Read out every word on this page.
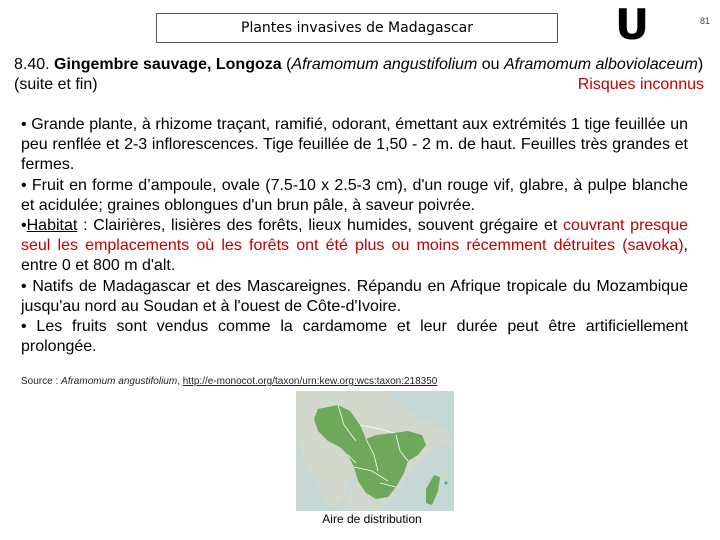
Plantes invasives de Madagascar	U	81
8.40. Gingembre sauvage, Longoza (Aframomum angustifolium ou Aframomum alboviolaceum) (suite et fin)	Risques inconnus

• Grande plante, à rhizome traçant, ramifié, odorant, émettant aux extrémités 1 tige feuillée un peu renflée et 2-3 inflorescences. Tige feuillée de 1,50 - 2 m. de haut. Feuilles très grandes et fermes.

• Fruit en forme d’ampoule, ovale (7.5-10 x 2.5-3 cm), d'un rouge vif, glabre, à pulpe blanche et acidulée; graines oblongues d'un brun pâle, à saveur poivrée.

•Habitat : Clairières, lisières des forêts, lieux humides, souvent grégaire et couvrant presque seul les emplacements où les forêts ont été plus ou moins récemment détruites (savoka), entre 0 et 800 m d'alt.

• Natifs de Madagascar et des Mascareignes. Répandu en Afrique tropicale du Mozambique jusqu'au nord au Soudan et à l'ouest de Côte-d'Ivoire.

• Les fruits sont vendus comme la cardamome et leur durée peut être artificiellement prolongée.

Source : Aframomum angustifolium, http://e-monocot.org/taxon/urn:kew.org:wcs:taxon:218350
Aire de distribution
